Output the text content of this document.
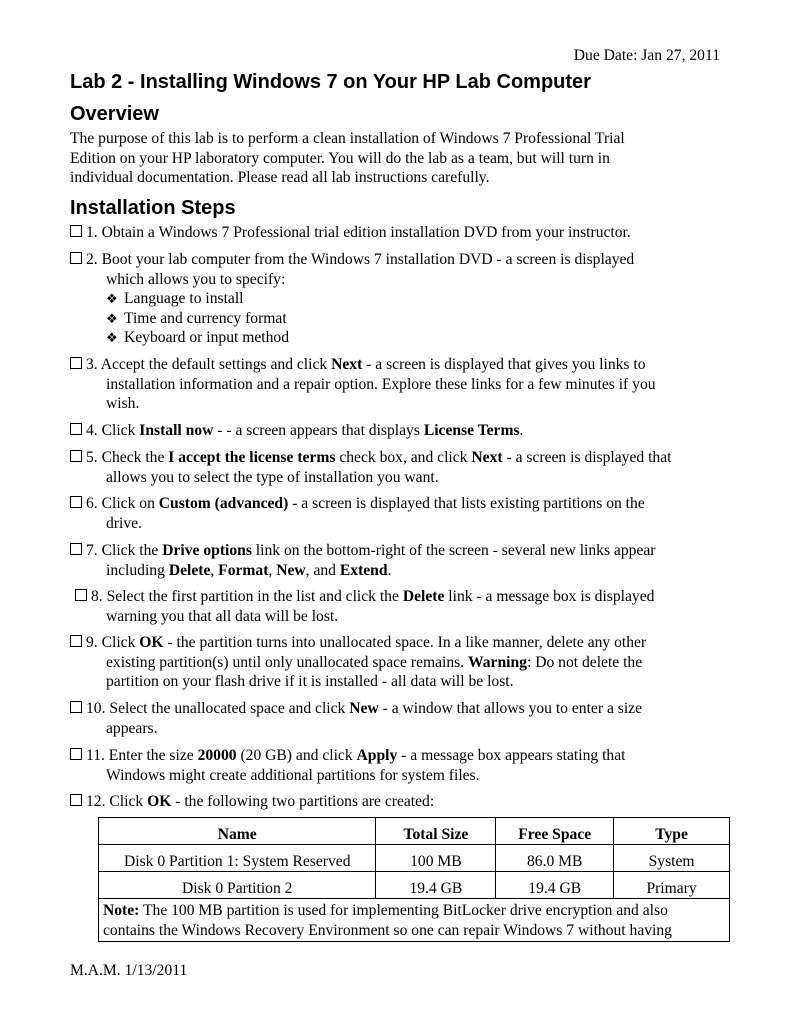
Due Date: Jan 27, 2011
Lab 2 - Installing Windows 7 on Your HP Lab Computer
Overview
The purpose of this lab is to perform a clean installation of Windows 7 Professional Trial
Edition on your HP laboratory computer. You will do the lab as a team, but will turn in
individual documentation. Please read all lab instructions carefully.
Installation Steps
1. Obtain a Windows 7 Professional trial edition installation DVD from your instructor.
2. Boot your lab computer from the Windows 7 installation DVD - a screen is displayed
which allows you to specify:
❖ Language to install
❖ Time and currency format
❖ Keyboard or input method
3. Accept the default settings and click Next - a screen is displayed that gives you links to
installation information and a repair option. Explore these links for a few minutes if you
wish.
4. Click Install now - - a screen appears that displays License Terms.
5. Check the I accept the license terms check box, and click Next - a screen is displayed that
allows you to select the type of installation you want.
6. Click on Custom (advanced) - a screen is displayed that lists existing partitions on the
drive.
7. Click the Drive options link on the bottom-right of the screen - several new links appear
including Delete, Format, New, and Extend.
8. Select the first partition in the list and click the Delete link - a message box is displayed
warning you that all data will be lost.
9. Click OK - the partition turns into unallocated space. In a like manner, delete any other
existing partition(s) until only unallocated space remains. Warning: Do not delete the
partition on your flash drive if it is installed - all data will be lost.
10. Select the unallocated space and click New - a window that allows you to enter a size
appears.
11. Enter the size 20000 (20 GB) and click Apply - a message box appears stating that
Windows might create additional partitions for system files.
12. Click OK - the following two partitions are created:
Name	Total Size	Free Space	Type
Disk 0 Partition 1: System Reserved	100 MB	86.0 MB	System
Disk 0 Partition 2	19.4 GB	19.4 GB	Primary
Note: The 100 MB partition is used for implementing BitLocker drive encryption and also
contains the Windows Recovery Environment so one can repair Windows 7 without having			
M.A.M. 1/13/2011
